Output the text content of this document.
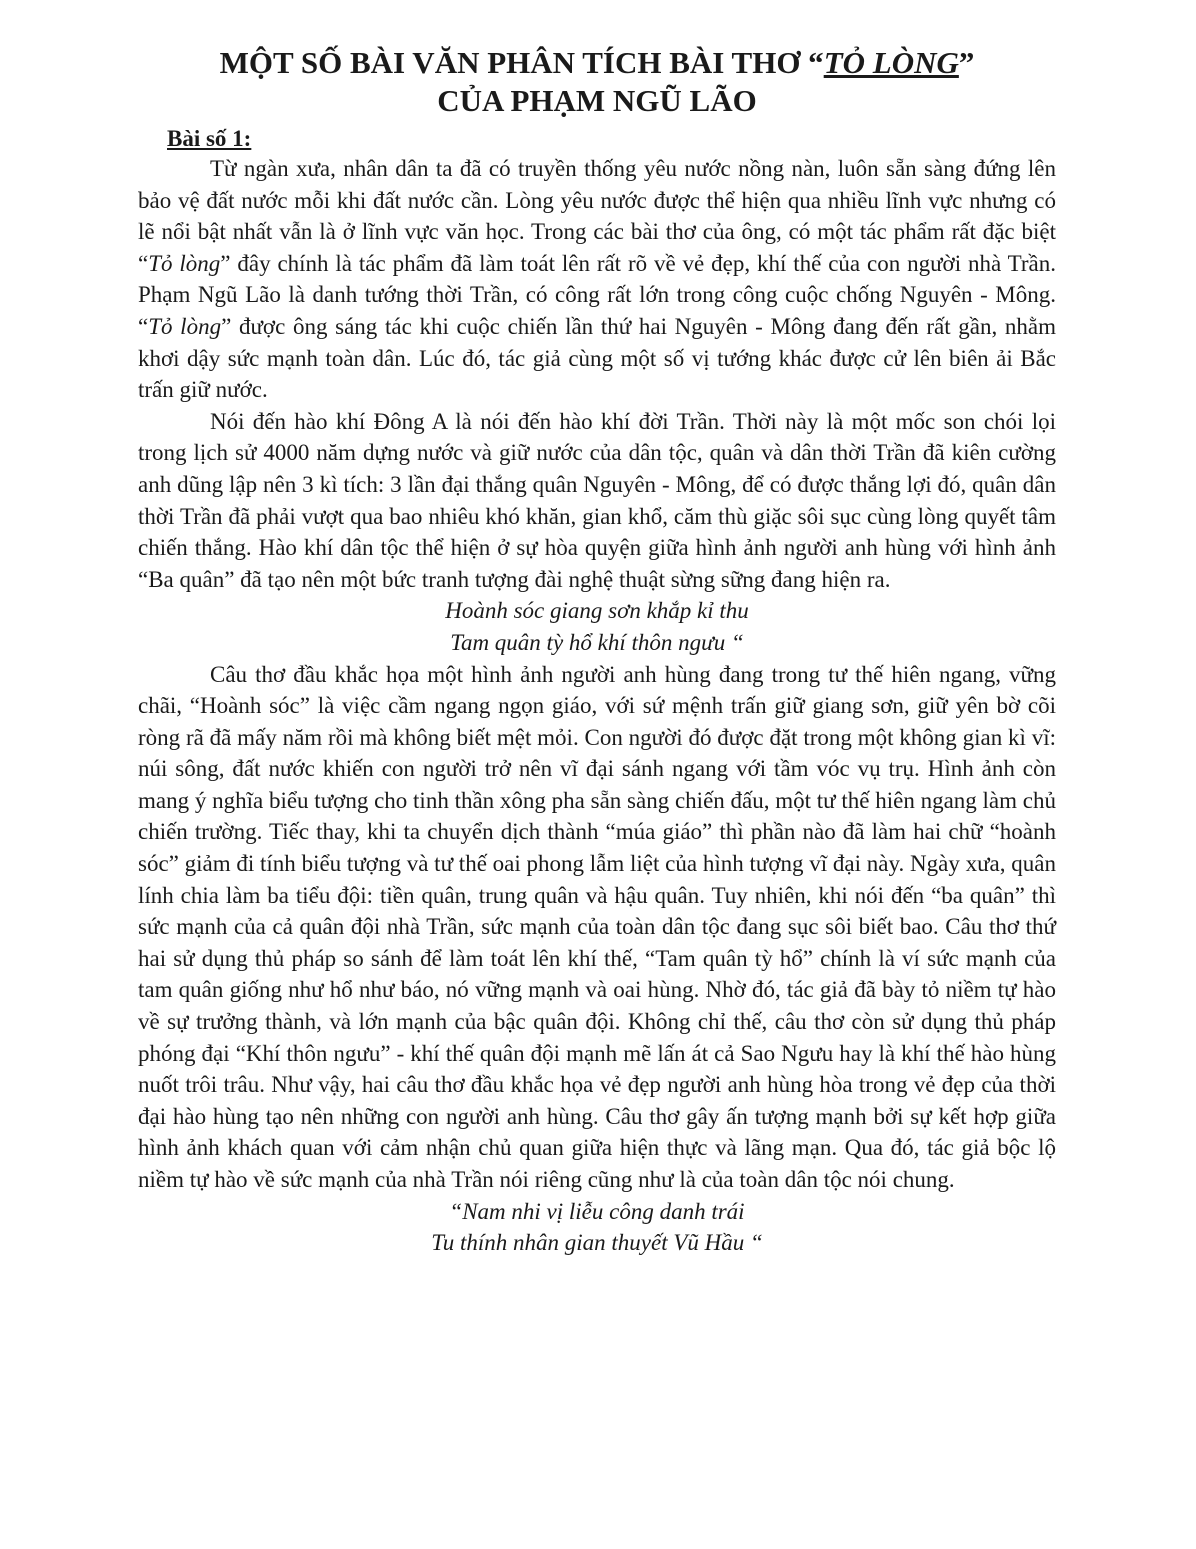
MỘT SỐ BÀI VĂN PHÂN TÍCH BÀI THƠ “TỎ LÒNG”
CỦA PHẠM NGŨ LÃO
Bài số 1:

Từ ngàn xưa, nhân dân ta đã có truyền thống yêu nước nồng nàn, luôn sẵn sàng đứng lên bảo vệ đất nước mỗi khi đất nước cần. Lòng yêu nước được thể hiện qua nhiều lĩnh vực nhưng có lẽ nổi bật nhất vẫn là ở lĩnh vực văn học. Trong các bài thơ của ông, có một tác phẩm rất đặc biệt “Tỏ lòng” đây chính là tác phẩm đã làm toát lên rất rõ về vẻ đẹp, khí thế của con người nhà Trần. Phạm Ngũ Lão là danh tướng thời Trần, có công rất lớn trong công cuộc chống Nguyên - Mông. “Tỏ lòng” được ông sáng tác khi cuộc chiến lần thứ hai Nguyên - Mông đang đến rất gần, nhằm khơi dậy sức mạnh toàn dân. Lúc đó, tác giả cùng một số vị tướng khác được cử lên biên ải Bắc trấn giữ nước.

Nói đến hào khí Đông A là nói đến hào khí đời Trần. Thời này là một mốc son chói lọi trong lịch sử 4000 năm dựng nước và giữ nước của dân tộc, quân và dân thời Trần đã kiên cường anh dũng lập nên 3 kì tích: 3 lần đại thắng quân Nguyên - Mông, để có được thắng lợi đó, quân dân thời Trần đã phải vượt qua bao nhiêu khó khăn, gian khổ, căm thù giặc sôi sục cùng lòng quyết tâm chiến thắng. Hào khí dân tộc thể hiện ở sự hòa quyện giữa hình ảnh người anh hùng với hình ảnh “Ba quân” đã tạo nên một bức tranh tượng đài nghệ thuật sừng sững đang hiện ra.

Hoành sóc giang sơn khắp kỉ thu
Tam quân tỳ hổ khí thôn ngưu “

Câu thơ đầu khắc họa một hình ảnh người anh hùng đang trong tư thế hiên ngang, vững chãi, “Hoành sóc” là việc cầm ngang ngọn giáo, với sứ mệnh trấn giữ giang sơn, giữ yên bờ cõi ròng rã đã mấy năm rồi mà không biết mệt mỏi. Con người đó được đặt trong một không gian kì vĩ: núi sông, đất nước khiến con người trở nên vĩ đại sánh ngang với tầm vóc vụ trụ. Hình ảnh còn mang ý nghĩa biểu tượng cho tinh thần xông pha sẵn sàng chiến đấu, một tư thế hiên ngang làm chủ chiến trường. Tiếc thay, khi ta chuyển dịch thành “múa giáo” thì phần nào đã làm hai chữ “hoành sóc” giảm đi tính biểu tượng và tư thế oai phong lẫm liệt của hình tượng vĩ đại này. Ngày xưa, quân lính chia làm ba tiểu đội: tiền quân, trung quân và hậu quân. Tuy nhiên, khi nói đến “ba quân” thì sức mạnh của cả quân đội nhà Trần, sức mạnh của toàn dân tộc đang sục sôi biết bao. Câu thơ thứ hai sử dụng thủ pháp so sánh để làm toát lên khí thế, “Tam quân tỳ hổ” chính là ví sức mạnh của tam quân giống như hổ như báo, nó vững mạnh và oai hùng. Nhờ đó, tác giả đã bày tỏ niềm tự hào về sự trưởng thành, và lớn mạnh của bậc quân đội. Không chỉ thế, câu thơ còn sử dụng thủ pháp phóng đại “Khí thôn ngưu” - khí thế quân đội mạnh mẽ lấn át cả Sao Ngưu hay là khí thế hào hùng nuốt trôi trâu. Như vậy, hai câu thơ đầu khắc họa vẻ đẹp người anh hùng hòa trong vẻ đẹp của thời đại hào hùng tạo nên những con người anh hùng. Câu thơ gây ấn tượng mạnh bởi sự kết hợp giữa hình ảnh khách quan với cảm nhận chủ quan giữa hiện thực và lãng mạn. Qua đó, tác giả bộc lộ niềm tự hào về sức mạnh của nhà Trần nói riêng cũng như là của toàn dân tộc nói chung.

“Nam nhi vị liễu công danh trái
Tu thính nhân gian thuyết Vũ Hầu “
